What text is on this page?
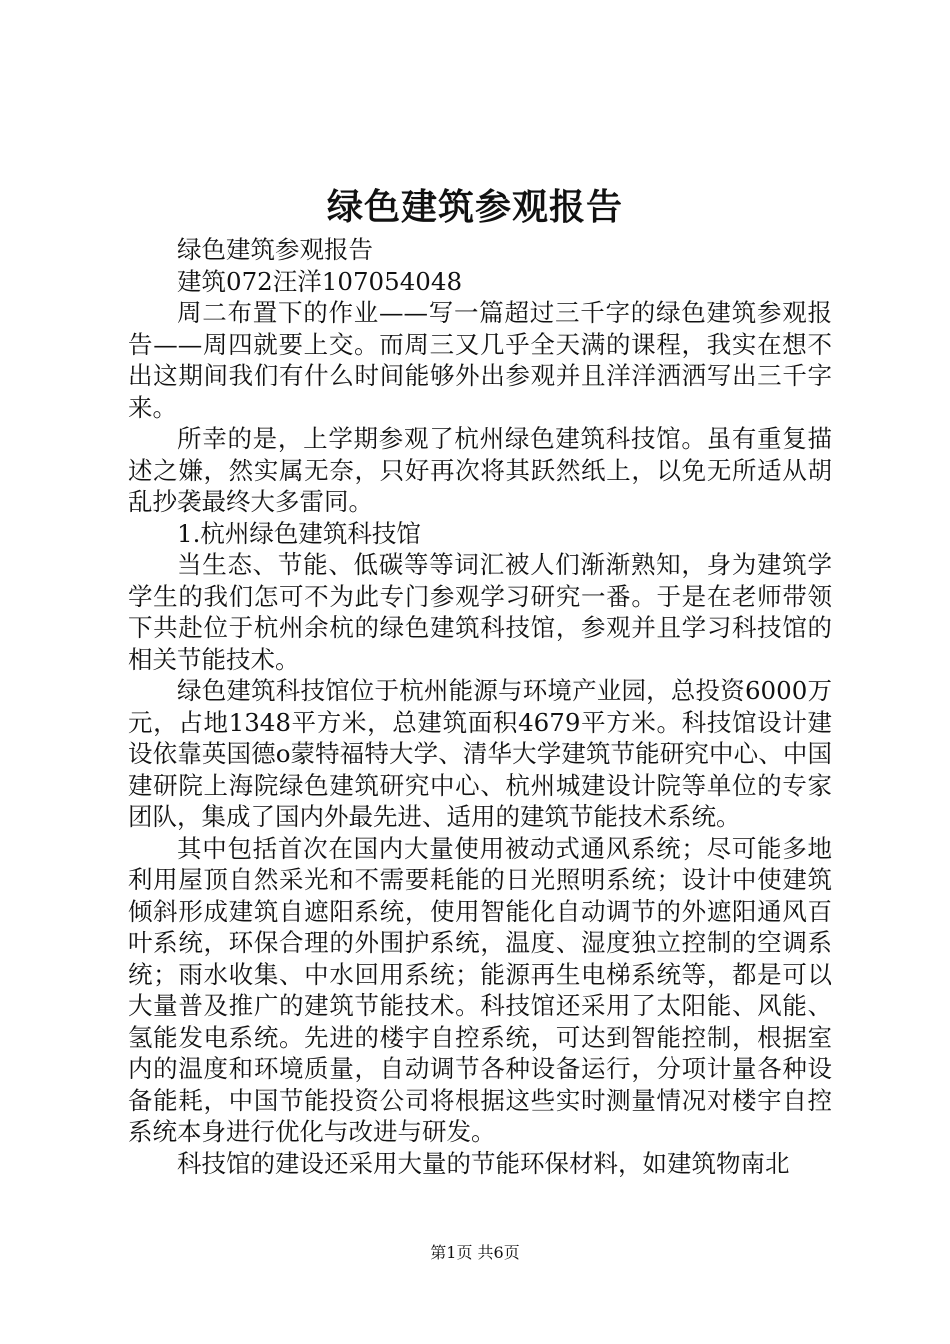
绿色建筑参观报告

绿色建筑参观报告

建筑072汪洋107054048

周二布置下的作业——写一篇超过三千字的绿色建筑参观报告——周四就要上交。而周三又几乎全天满的课程，我实在想不出这期间我们有什么时间能够外出参观并且洋洋洒洒写出三千字来。

所幸的是，上学期参观了杭州绿色建筑科技馆。虽有重复描述之嫌，然实属无奈，只好再次将其跃然纸上，以免无所适从胡乱抄袭最终大多雷同。

1.杭州绿色建筑科技馆

当生态、节能、低碳等等词汇被人们渐渐熟知，身为建筑学学生的我们怎可不为此专门参观学习研究一番。于是在老师带领下共赴位于杭州余杭的绿色建筑科技馆，参观并且学习科技馆的相关节能技术。

绿色建筑科技馆位于杭州能源与环境产业园，总投资6000万元，占地1348平方米，总建筑面积4679平方米。科技馆设计建设依靠英国德o蒙特福特大学、清华大学建筑节能研究中心、中国建研院上海院绿色建筑研究中心、杭州城建设计院等单位的专家团队，集成了国内外最先进、适用的建筑节能技术系统。

其中包括首次在国内大量使用被动式通风系统；尽可能多地利用屋顶自然采光和不需要耗能的日光照明系统；设计中使建筑倾斜形成建筑自遮阳系统，使用智能化自动调节的外遮阳通风百叶系统，环保合理的外围护系统，温度、湿度独立控制的空调系统；雨水收集、中水回用系统；能源再生电梯系统等，都是可以大量普及推广的建筑节能技术。科技馆还采用了太阳能、风能、氢能发电系统。先进的楼宇自控系统，可达到智能控制，根据室内的温度和环境质量，自动调节各种设备运行，分项计量各种设备能耗，中国节能投资公司将根据这些实时测量情况对楼宇自控系统本身进行优化与改进与研发。

科技馆的建设还采用大量的节能环保材料，如建筑物南北

第1页 共6页
